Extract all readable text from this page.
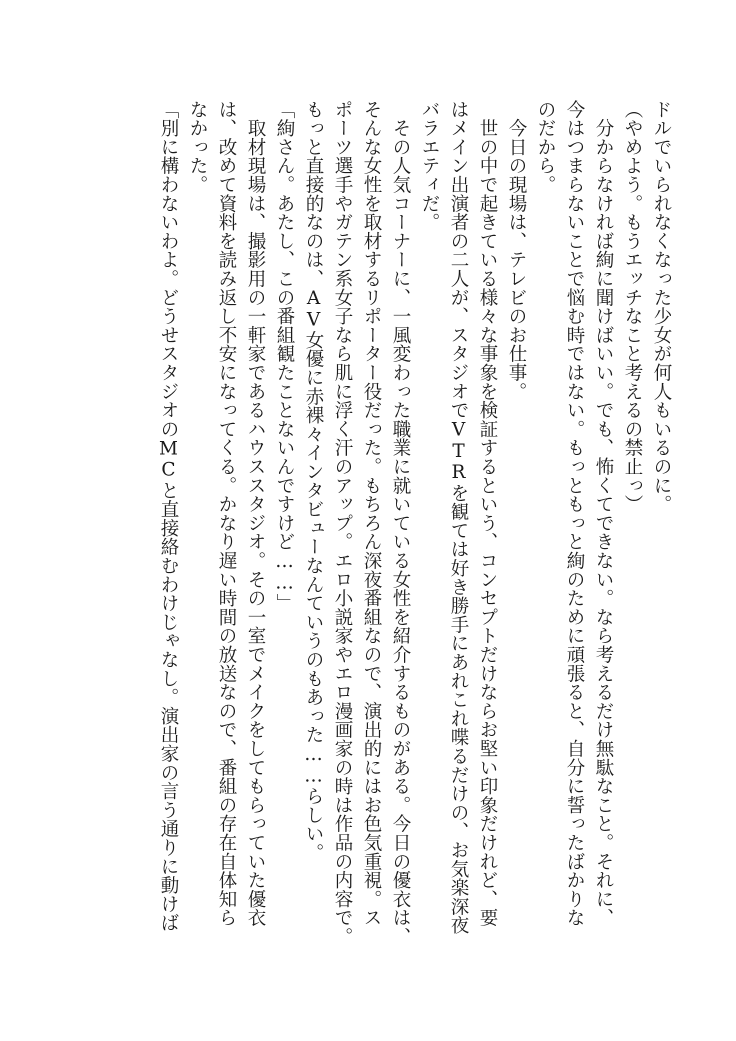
ドルでいられなくなった少女が何人もいるのに。
（やめよう。もうエッチなこと考えるの禁止っ）
　分からなければ絢に聞けばいい。でも、怖くてできない。なら考えるだけ無駄なこと。それに、
今はつまらないことで悩む時ではない。もっともっと絢のために頑張ると、自分に誓ったばかりな
のだから。
　今日の現場は、テレビのお仕事。
　世の中で起きている様々な事象を検証するという、コンセプトだけならお堅い印象だけれど、要
はメイン出演者の二人が、スタジオでVTRを観ては好き勝手にあれこれ喋るだけの、お気楽深夜
バラエティだ。
　その人気コーナーに、一風変わった職業に就いている女性を紹介するものがある。今日の優衣は、
そんな女性を取材するリポーター役だった。もちろん深夜番組なので、演出的にはお色気重視。ス
ポーツ選手やガテン系女子なら肌に浮く汗のアップ。エロ小説家やエロ漫画家の時は作品の内容で。
もっと直接的なのは、AV女優に赤裸々インタビューなんていうのもあった……らしい。
「絢さん。あたし、この番組観たことないんですけど……」
　取材現場は、撮影用の一軒家であるハウススタジオ。その一室でメイクをしてもらっていた優衣
は、改めて資料を読み返し不安になってくる。かなり遅い時間の放送なので、番組の存在自体知ら
なかった。
「別に構わないわよ。どうせスタジオのMCと直接絡むわけじゃなし。演出家の言う通りに動けば
